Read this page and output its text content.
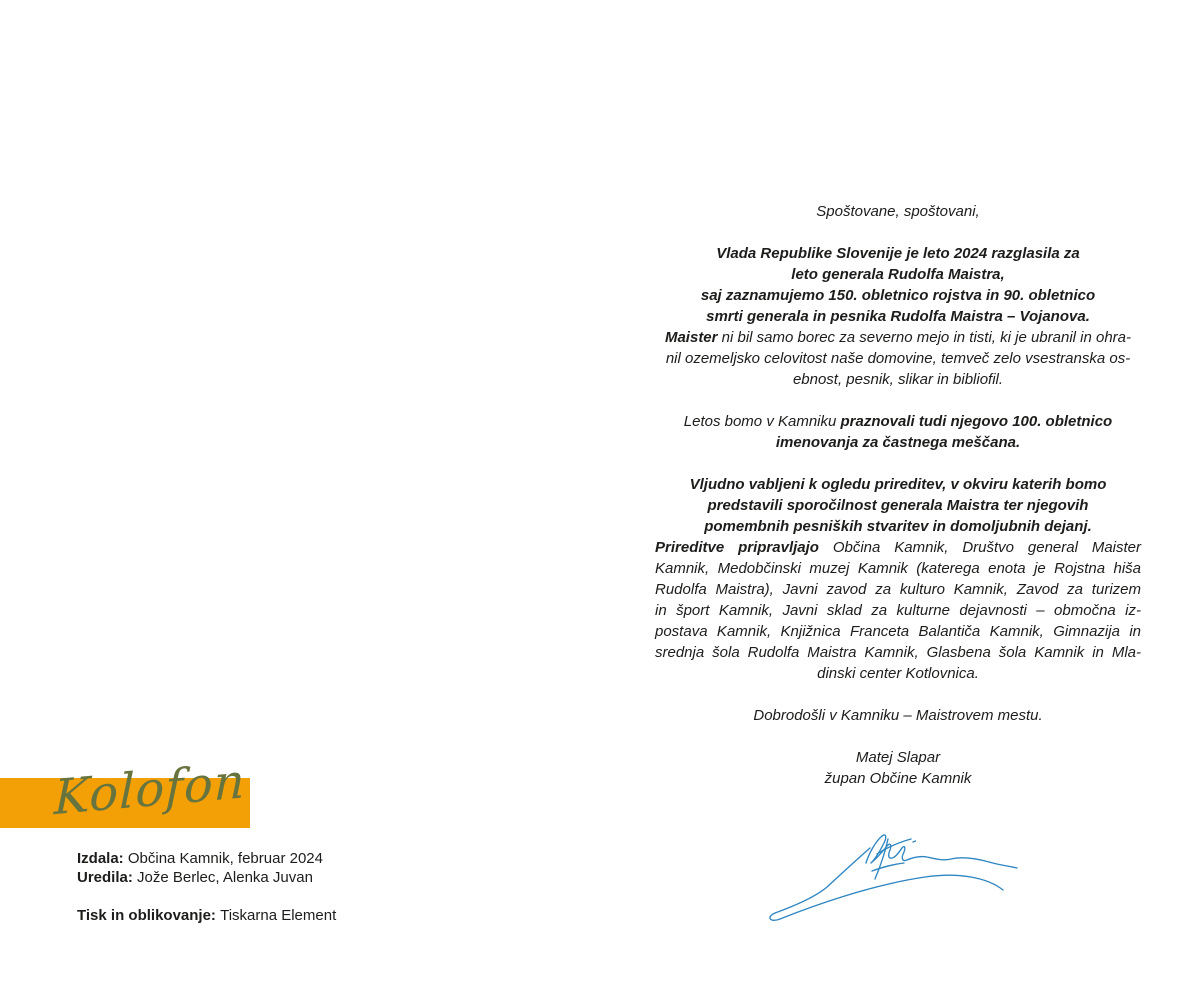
Spoštovane, spoštovani,

Vlada Republike Slovenije je leto 2024 razglasila za
leto generala Rudolfa Maistra,
saj zaznamujemo 150. obletnico rojstva in 90. obletnico
smrti generala in pesnika Rudolfa Maistra – Vojanova.
Maister ni bil samo borec za severno mejo in tisti, ki je ubranil in ohra-
nil ozemeljsko celovitost naše domovine, temveč zelo vsestranska os-
ebnost, pesnik, slikar in bibliofil.

Letos bomo v Kamniku praznovali tudi njegovo 100. obletnico
imenovanja za častnega meščana.

Vljudno vabljeni k ogledu prireditev, v okviru katerih bomo
predstavili sporočilnost generala Maistra ter njegovih
pomembnih pesniških stvaritev in domoljubnih dejanj.
Prireditve pripravljajo Občina Kamnik, Društvo general Maister
Kamnik, Medobčinski muzej Kamnik (katerega enota je Rojstna hiša
Rudolfa Maistra), Javni zavod za kulturo Kamnik, Zavod za turizem
in šport Kamnik, Javni sklad za kulturne dejavnosti – območna iz-
postava Kamnik, Knjižnica Franceta Balantiča Kamnik, Gimnazija in
srednja šola Rudolfa Maistra Kamnik, Glasbena šola Kamnik in Mla-
dinski center Kotlovnica.

Dobrodošli v Kamniku – Maistrovem mestu.

Matej Slapar
župan Občine Kamnik
Kolofon
Izdala: Občina Kamnik, februar 2024
Uredila: Jože Berlec, Alenka Juvan

Tisk in oblikovanje: Tiskarna Element
